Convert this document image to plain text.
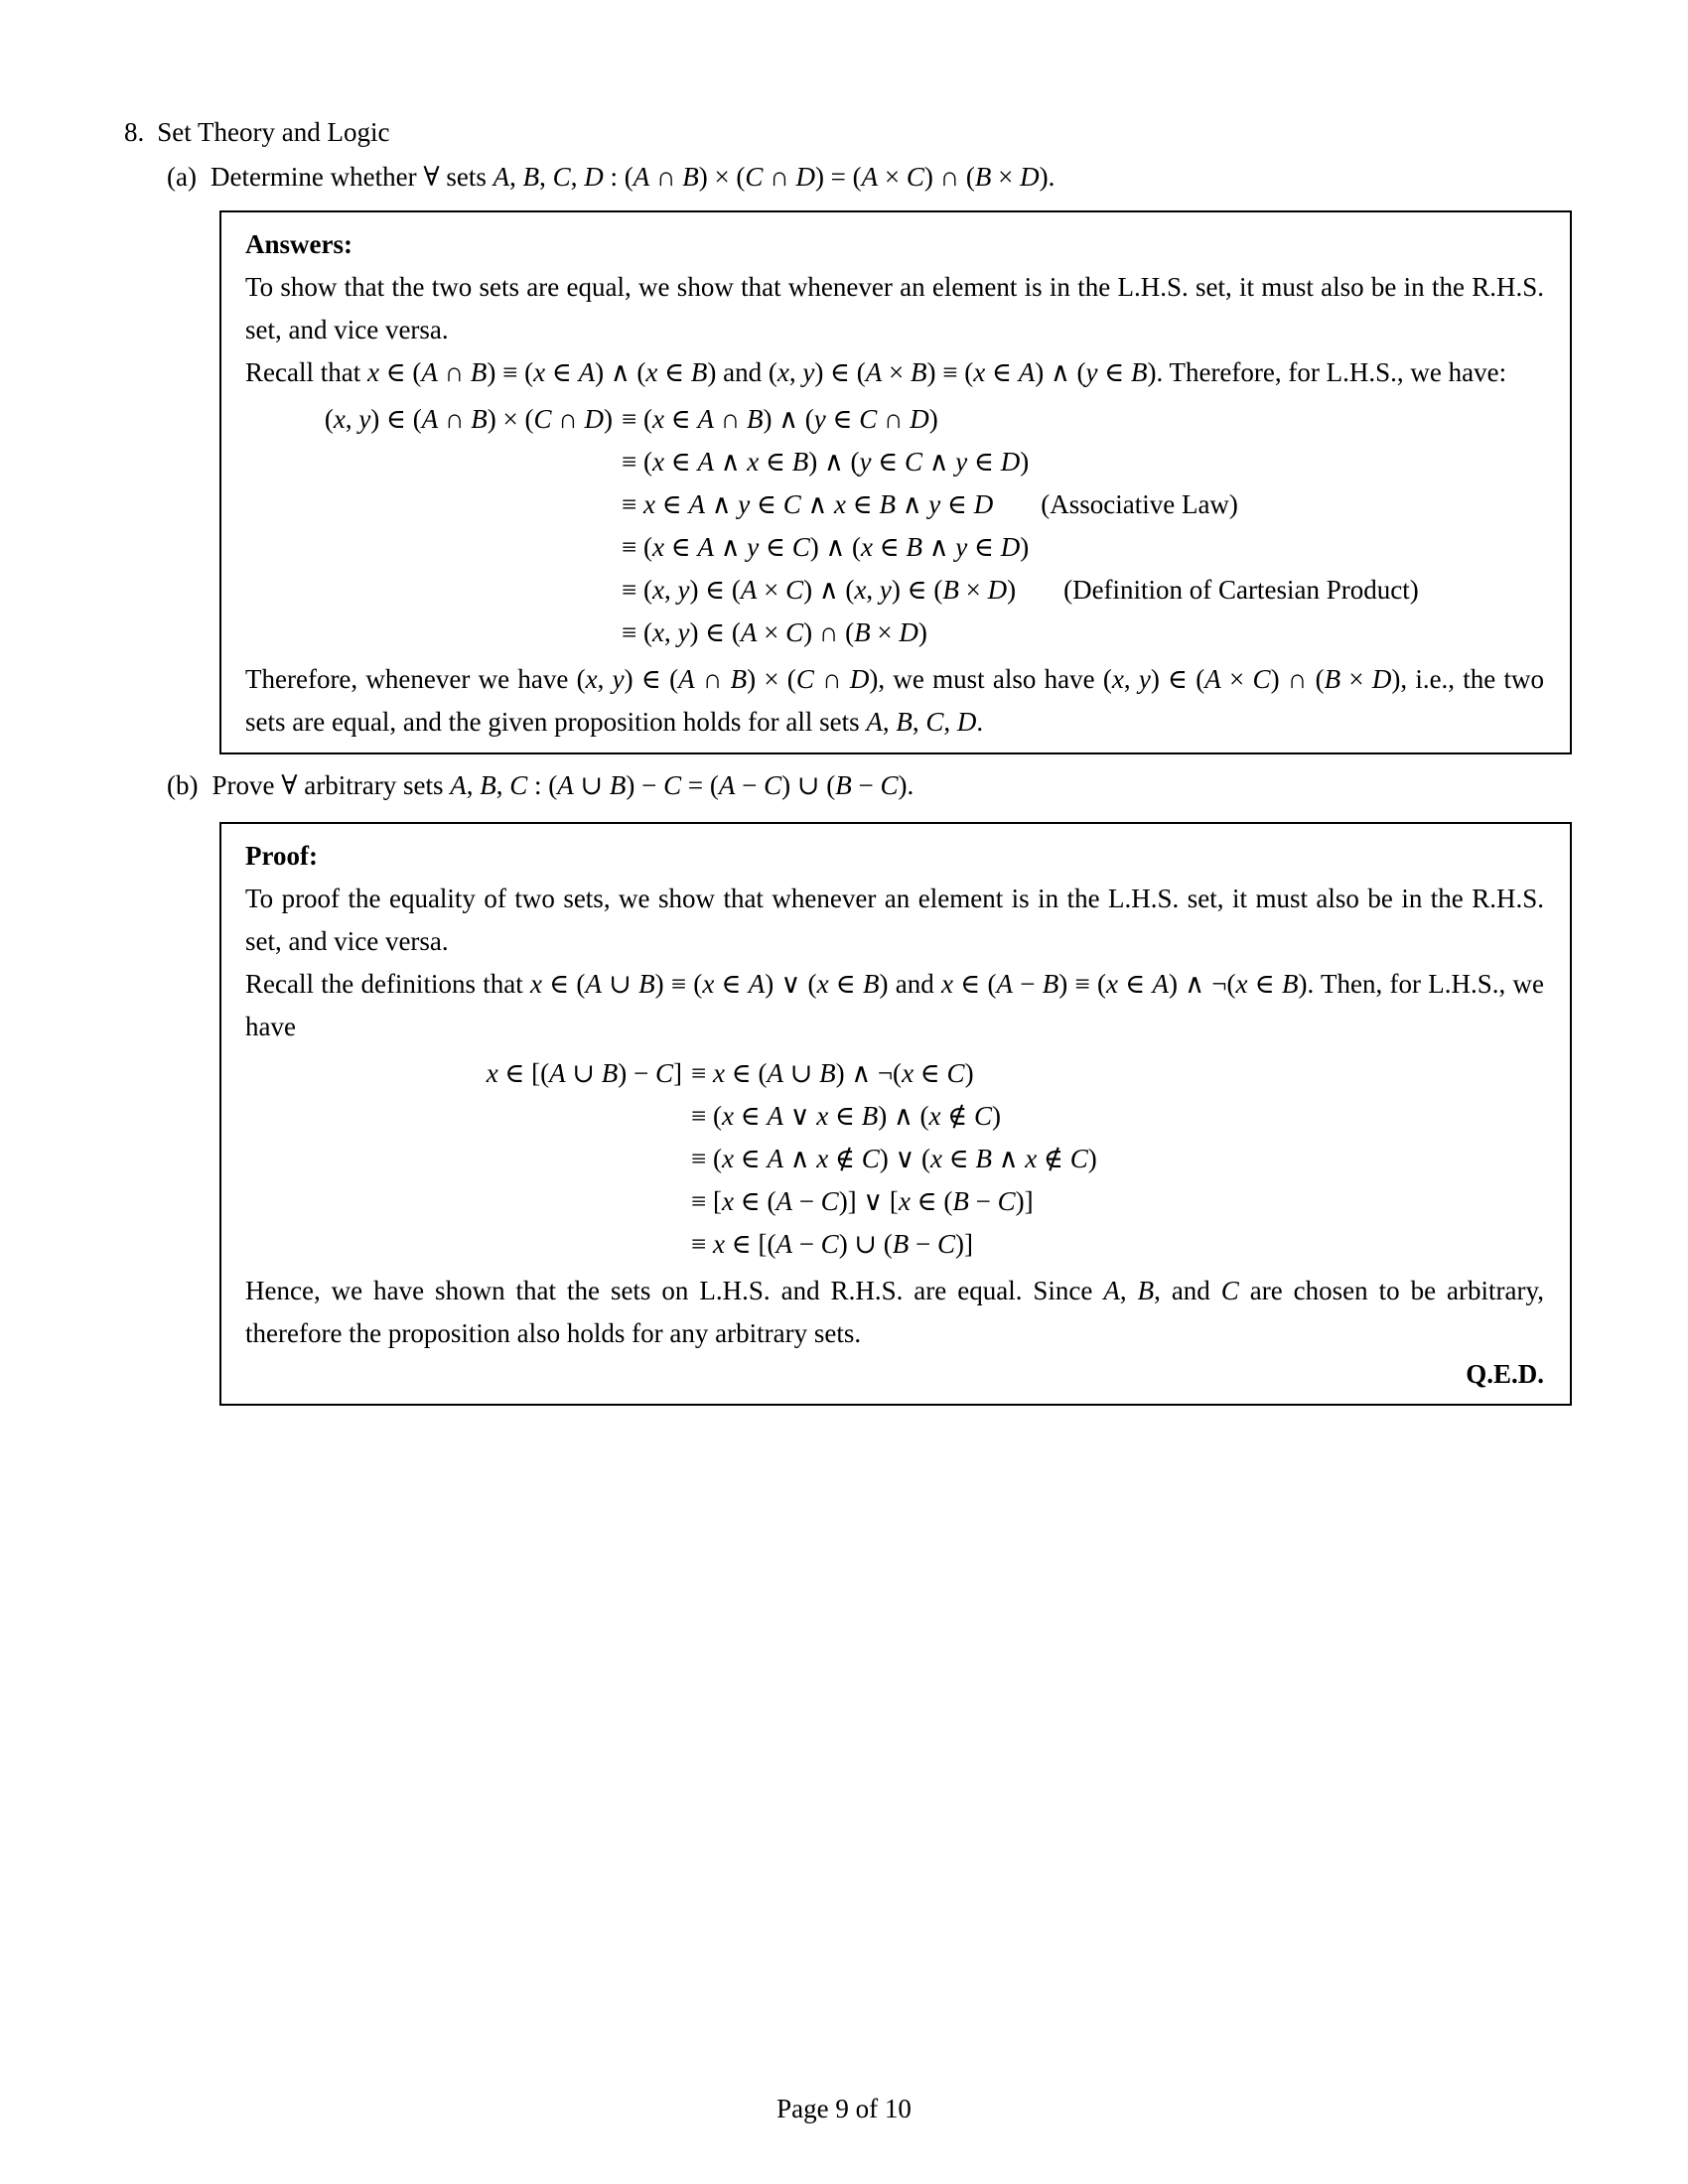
8. Set Theory and Logic
(a) Determine whether ∀ sets A, B, C, D : (A ∩ B) × (C ∩ D) = (A × C) ∩ (B × D).

Answers:

To show that the two sets are equal, we show that whenever an element is in the L.H.S. set, it must also be in the R.H.S. set, and vice versa.

Recall that x ∈ (A ∩ B) ≡ (x ∈ A) ∧ (x ∈ B) and (x, y) ∈ (A × B) ≡ (x ∈ A) ∧ (y ∈ B). Therefore, for L.H.S., we have:

(x, y) ∈ (A ∩ B) × (C ∩ D) ≡ (x ∈ A ∩ B) ∧ (y ∈ C ∩ D)
≡ (x ∈ A ∧ x ∈ B) ∧ (y ∈ C ∧ y ∈ D)
≡ x ∈ A ∧ y ∈ C ∧ x ∈ B ∧ y ∈ D (Associative Law)
≡ (x ∈ A ∧ y ∈ C) ∧ (x ∈ B ∧ y ∈ D)
≡ (x, y) ∈ (A × C) ∧ (x, y) ∈ (B × D) (Definition of Cartesian Product)
≡ (x, y) ∈ (A × C) ∩ (B × D)

Therefore, whenever we have (x, y) ∈ (A ∩ B) × (C ∩ D), we must also have (x, y) ∈ (A × C) ∩ (B × D), i.e., the two sets are equal, and the given proposition holds for all sets A, B, C, D.

(b) Prove ∀ arbitrary sets A, B, C : (A ∪ B) − C = (A − C) ∪ (B − C).

Proof:

To proof the equality of two sets, we show that whenever an element is in the L.H.S. set, it must also be in the R.H.S. set, and vice versa.

Recall the definitions that x ∈ (A ∪ B) ≡ (x ∈ A) ∨ (x ∈ B) and x ∈ (A − B) ≡ (x ∈ A) ∧ ¬(x ∈ B). Then, for L.H.S., we have

x ∈ [(A ∪ B) − C] ≡ x ∈ (A ∪ B) ∧ ¬(x ∈ C)
≡ (x ∈ A ∨ x ∈ B) ∧ (x ∉ C)
≡ (x ∈ A ∧ x ∉ C) ∨ (x ∈ B ∧ x ∉ C)
≡ [x ∈ (A − C)] ∨ [x ∈ (B − C)]
≡ x ∈ [(A − C) ∪ (B − C)]

Hence, we have shown that the sets on L.H.S. and R.H.S. are equal. Since A, B, and C are chosen to be arbitrary, therefore the proposition also holds for any arbitrary sets.

Q.E.D.

Page 9 of 10
